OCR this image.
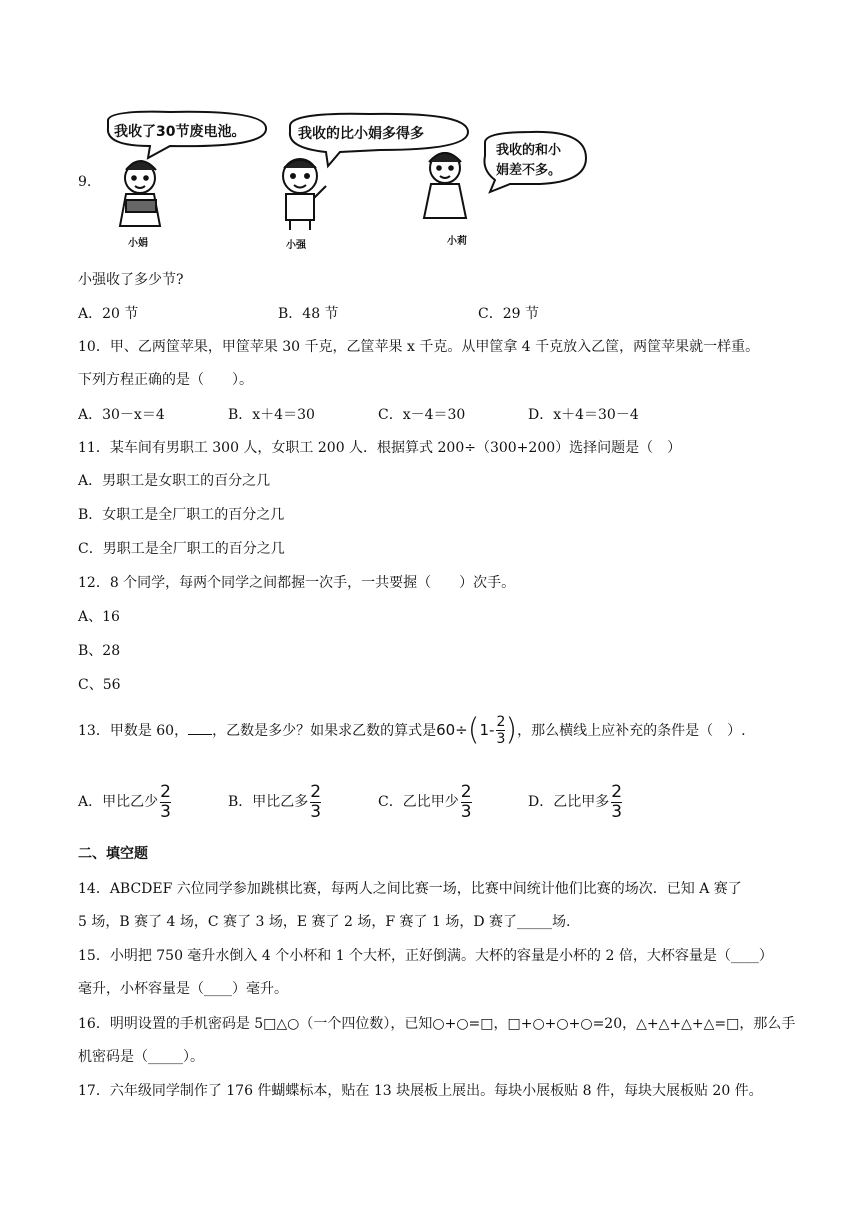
9.
我收了30节废电池。	我收的比小娟多得多
我收的和小
娟差不多。
小娟	小强	小莉
小强收了多少节?
A．20 节	B．48 节	C．29 节
10．甲、乙两筐苹果，甲筐苹果 30 千克，乙筐苹果 x 千克。从甲筐拿 4 千克放入乙筐，两筐苹果就一样重。
下列方程正确的是（　　）。
A．30－x＝4	B．x＋4＝30	C．x－4＝30	D．x＋4＝30－4
11．某车间有男职工 300 人，女职工 200 人．根据算式 200÷（300+200）选择问题是（　）
A．男职工是女职工的百分之几
B．女职工是全厂职工的百分之几
C．男职工是全厂职工的百分之几
12．8 个同学，每两个同学之间都握一次手，一共要握（　　）次手。
A、16
B、28
C、56
13．甲数是 60， ，乙数是多少？如果求乙数的算式是$60\div(1- \frac{2}{3}$ )，那么横线上应补充的条件是（　）.
A．甲比乙少 $\frac{2}{3}$	B．甲比乙多 $\frac{2}{3}$	C．乙比甲少 $\frac{2}{3}$	D．乙比甲多 $\frac{2}{3}$
二、填空题
14．ABCDEF 六位同学参加跳棋比赛，每两人之间比赛一场，比赛中间统计他们比赛的场次．已知 A 赛了
5 场，B 赛了 4 场，C 赛了 3 场，E 赛了 2 场，F 赛了 1 场，D 赛了_____场.
15．小明把 750 毫升水倒入 4 个小杯和 1 个大杯，正好倒满。大杯的容量是小杯的 2 倍，大杯容量是（____）
毫升，小杯容量是（____）毫升。
16．明明设置的手机密码是 5□△○（一个四位数），已知○+○=□，□+○+○+○=20，△+△+△+△=□，那么手
机密码是（_____）。
17．六年级同学制作了 176 件蝴蝶标本，贴在 13 块展板上展出。每块小展板贴 8 件，每块大展板贴 20 件。
